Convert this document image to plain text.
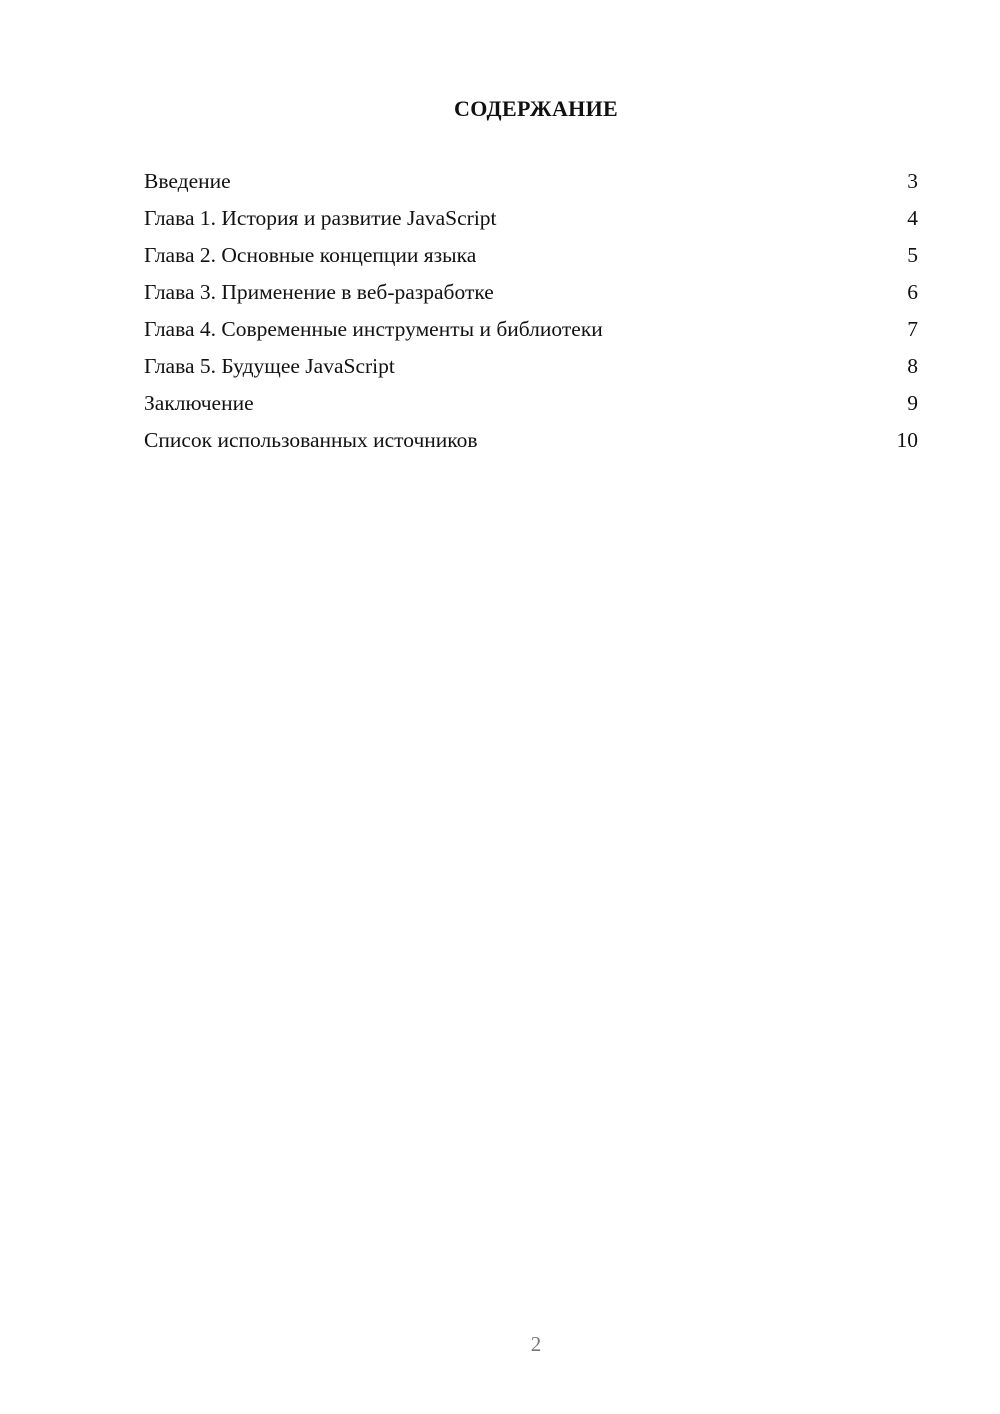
СОДЕРЖАНИЕ
Введение	3
Глава 1. История и развитие JavaScript	4
Глава 2. Основные концепции языка	5
Глава 3. Применение в веб-разработке	6
Глава 4. Современные инструменты и библиотеки	7
Глава 5. Будущее JavaScript	8
Заключение	9
Список использованных источников	10
2
